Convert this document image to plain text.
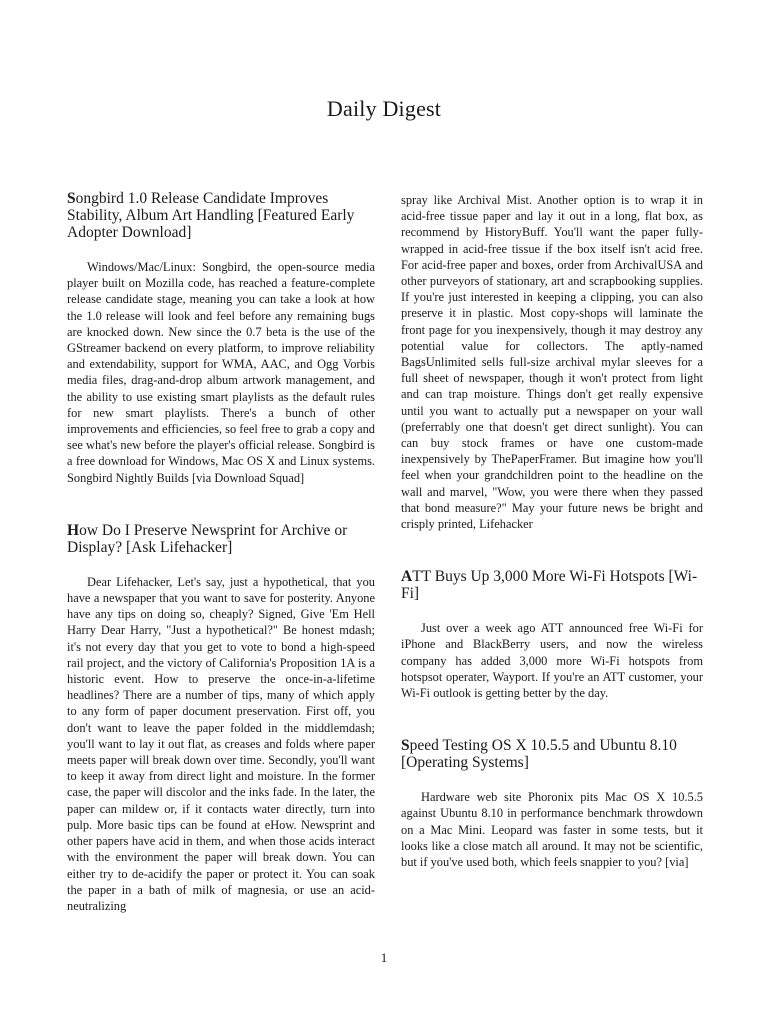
Daily Digest
Songbird 1.0 Release Candidate Improves Stability, Album Art Handling [Featured Early Adopter Download]

Windows/Mac/Linux: Songbird, the open-source media player built on Mozilla code, has reached a feature-complete release candidate stage, meaning you can take a look at how the 1.0 release will look and feel before any remaining bugs are knocked down. New since the 0.7 beta is the use of the GStreamer backend on every platform, to improve reliability and extendability, support for WMA, AAC, and Ogg Vorbis media files, drag-and-drop album artwork management, and the ability to use existing smart playlists as the default rules for new smart playlists. There's a bunch of other improvements and efficiencies, so feel free to grab a copy and see what's new before the player's official release. Songbird is a free download for Windows, Mac OS X and Linux systems. Songbird Nightly Builds [via Download Squad]

How Do I Preserve Newsprint for Archive or Display? [Ask Lifehacker]

Dear Lifehacker, Let's say, just a hypothetical, that you have a newspaper that you want to save for posterity. Anyone have any tips on doing so, cheaply? Signed, Give 'Em Hell Harry Dear Harry, "Just a hypothetical?" Be honest mdash; it's not every day that you get to vote to bond a high-speed rail project, and the victory of California's Proposition 1A is a historic event. How to preserve the once-in-a-lifetime headlines? There are a number of tips, many of which apply to any form of paper document preservation. First off, you don't want to leave the paper folded in the middlemdash; you'll want to lay it out flat, as creases and folds where paper meets paper will break down over time. Secondly, you'll want to keep it away from direct light and moisture. In the former case, the paper will discolor and the inks fade. In the later, the paper can mildew or, if it contacts water directly, turn into pulp. More basic tips can be found at eHow. Newsprint and other papers have acid in them, and when those acids interact with the environment the paper will break down. You can either try to de-acidify the paper or protect it. You can soak the paper in a bath of milk of magnesia, or use an acid-neutralizing

spray like Archival Mist. Another option is to wrap it in acid-free tissue paper and lay it out in a long, flat box, as recommend by HistoryBuff. You'll want the paper fully-wrapped in acid-free tissue if the box itself isn't acid free. For acid-free paper and boxes, order from ArchivalUSA and other purveyors of stationary, art and scrapbooking supplies. If you're just interested in keeping a clipping, you can also preserve it in plastic. Most copy-shops will laminate the front page for you inexpensively, though it may destroy any potential value for collectors. The aptly-named BagsUnlimited sells full-size archival mylar sleeves for a full sheet of newspaper, though it won't protect from light and can trap moisture. Things don't get really expensive until you want to actually put a newspaper on your wall (preferrably one that doesn't get direct sunlight). You can can buy stock frames or have one custom-made inexpensively by ThePaperFramer. But imagine how you'll feel when your grandchildren point to the headline on the wall and marvel, "Wow, you were there when they passed that bond measure?" May your future news be bright and crisply printed, Lifehacker

ATT Buys Up 3,000 More Wi-Fi Hotspots [Wi-Fi]

Just over a week ago ATT announced free Wi-Fi for iPhone and BlackBerry users, and now the wireless company has added 3,000 more Wi-Fi hotspots from hotspsot operater, Wayport. If you're an ATT customer, your Wi-Fi outlook is getting better by the day.

Speed Testing OS X 10.5.5 and Ubuntu 8.10 [Operating Systems]

Hardware web site Phoronix pits Mac OS X 10.5.5 against Ubuntu 8.10 in performance benchmark throwdown on a Mac Mini. Leopard was faster in some tests, but it looks like a close match all around. It may not be scientific, but if you've used both, which feels snappier to you? [via]

1
